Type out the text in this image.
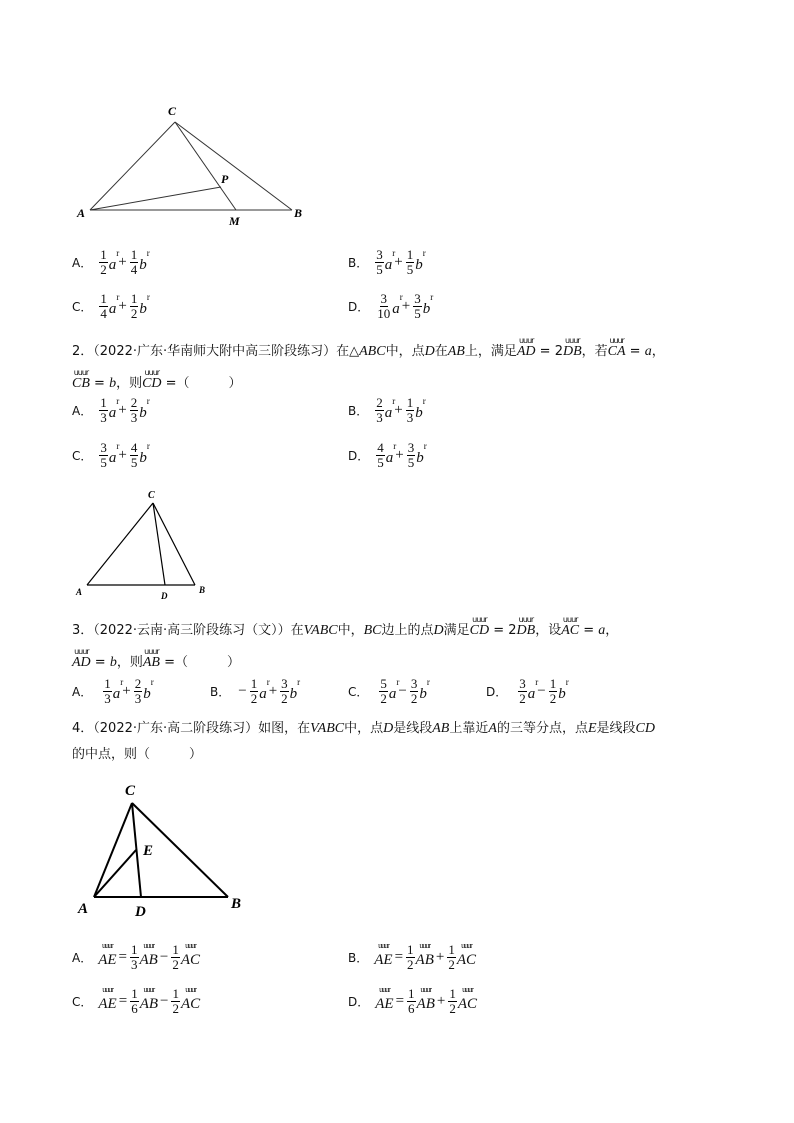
C
A	B
P
M
A． $\frac{1}{2}$ r
$a + \frac{1}{4}$ r
b	B． $\frac{3}{5}$ r
$a + \frac{1}{5}$ r
b
C． $\frac{1}{4}$ r
$a + \frac{1}{2}$ r
b	D． $\frac{3}{10}$ r
$a + \frac{3}{5}$ r
b
2．（2022·广东·华南师大附中高三阶段练习）在△ABC中，点D在AB上，满足
uuur
AD = 2
uuur
DB，若
uuur
CA = a，
uuur
CB = b，则
uuur
CD =（　　　）
A． $\frac{1}{3}$ r
$a + \frac{2}{3}$ r
b	B． $\frac{2}{3}$ r
$a + \frac{1}{3}$ r
b
C． $\frac{3}{5}$ r
$a + \frac{4}{5}$ r
b	D． $\frac{4}{5}$ r
$a + \frac{3}{5}$ r
b
C
A	B
D
3．（2022·云南·高三阶段练习（文））在VABC中，BC边上的点D满足
uuur
CD = 2
uuur
DB，设
uuur
AC = a，
uuur
AD = b，则
uuur
AB =（　　　）
A． $\frac{1}{3}$ r
$a + \frac{2}{3}$ r
b	B． − $\frac{1}{2}$ r
$a + \frac{3}{2}$ r
b	C． $\frac{5}{2}$ r
$a - \frac{3}{2}$ r
b	D． $\frac{3}{2}$ r
$a - \frac{1}{2}$ r
b
4．（2022·广东·高二阶段练习）如图，在VABC中，点D是线段AB上靠近A的三等分点，点E是线段CD
的中点，则（　　　）
C
A	B
D
E
A．
uuur
AE = $\frac{1}{3}$ uuur
AB − $\frac{1}{2}$ uuur
AC	B．
uuur
AE = $\frac{1}{2}$ uuur
AB + $\frac{1}{2}$ uuur
AC
C．
uuur
AE = $\frac{1}{6}$ uuur
AB − $\frac{1}{2}$ uuur
AC	D．
uuur
AE = $\frac{1}{6}$ uuur
AB + $\frac{1}{2}$ uuur
AC
